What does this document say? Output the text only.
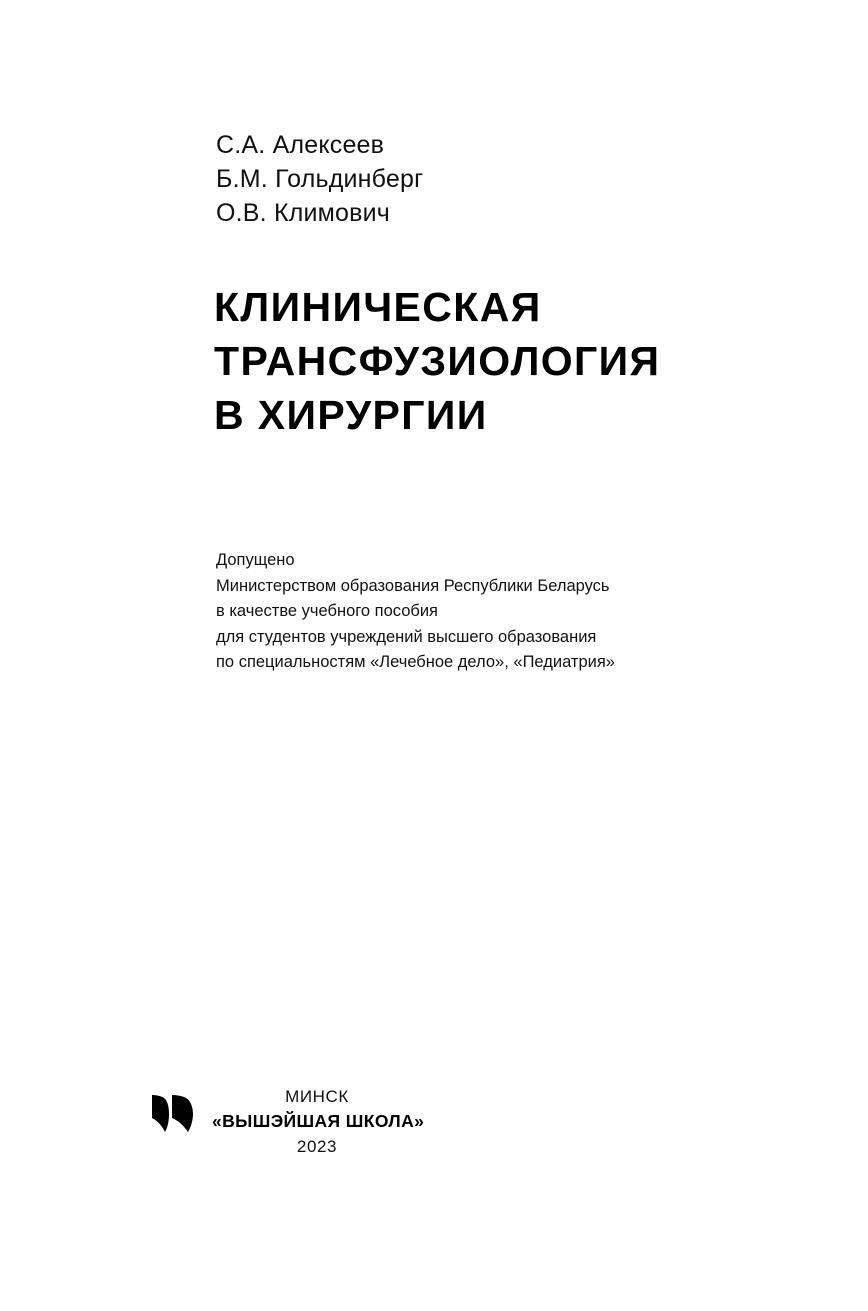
С.А. Алексеев
Б.М. Гольдинберг
О.В. Климович
КЛИНИЧЕСКАЯ
ТРАНСФУЗИОЛОГИЯ
В ХИРУРГИИ
Допущено
Министерством образования Республики Беларусь
в качестве учебного пособия
для студентов учреждений высшего образования
по специальностям «Лечебное дело», «Педиатрия»
МИНСК
«ВЫШЭЙШАЯ ШКОЛА»
2023
